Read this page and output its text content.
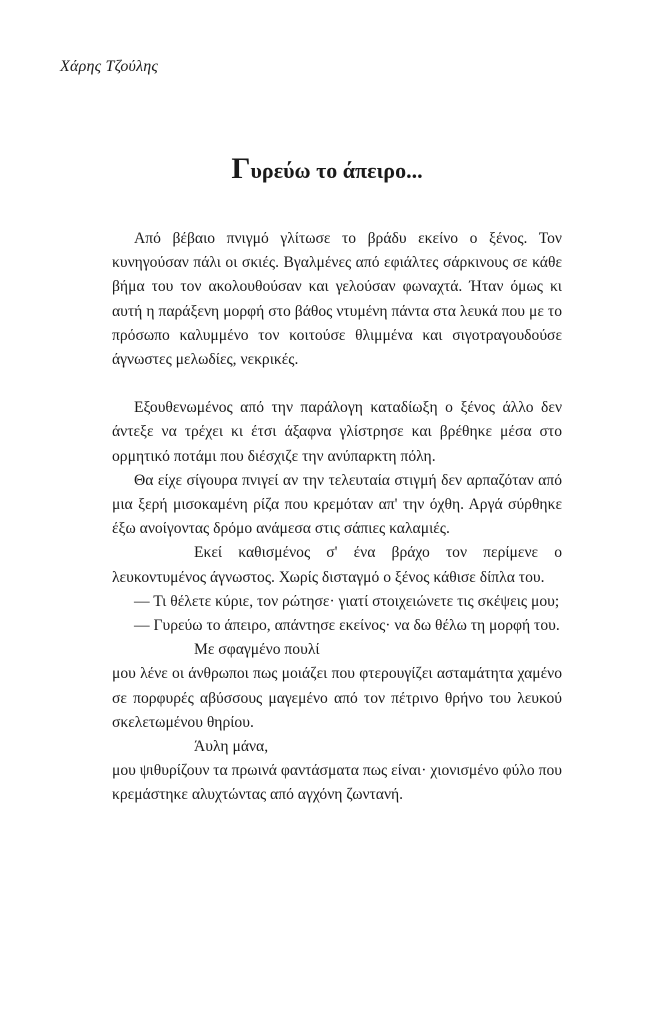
Χάρης Τζούλης
Γυρεύω το άπειρο...
Από βέβαιο πνιγμό γλίτωσε το βράδυ εκείνο ο ξένος. Τον κυνηγούσαν πάλι οι σκιές. Βγαλμένες από εφιάλτες σάρκινους σε κάθε βήμα του τον ακολουθούσαν και γελούσαν φωναχτά. Ήταν όμως κι αυτή η παράξενη μορφή στο βάθος ντυμένη πάντα στα λευκά που με το πρόσωπο καλυμμένο τον κοιτούσε θλιμμένα και σιγοτραγουδούσε άγνωστες μελωδίες, νεκρικές.
Εξουθενωμένος από την παράλογη καταδίωξη ο ξένος άλλο δεν άντεξε να τρέχει κι έτσι άξαφνα γλίστρησε και βρέθηκε μέσα στο ορμητικό ποτάμι που διέσχιζε την ανύπαρκτη πόλη.
Θα είχε σίγουρα πνιγεί αν την τελευταία στιγμή δεν αρπαζόταν από μια ξερή μισοκαμένη ρίζα που κρεμόταν απ' την όχθη. Αργά σύρθηκε έξω ανοίγοντας δρόμο ανάμεσα στις σάπιες καλαμιές.
Εκεί καθισμένος σ' ένα βράχο τον περίμενε ο λευκοντυμένος άγνωστος. Χωρίς δισταγμό ο ξένος κάθισε δίπλα του.
— Τι θέλετε κύριε, τον ρώτησε· γιατί στοιχειώνετε τις σκέψεις μου;
— Γυρεύω το άπειρο, απάντησε εκείνος· να δω θέλω τη μορφή του.
Με σφαγμένο πουλί
μου λένε οι άνθρωποι πως μοιάζει που φτερουγίζει ασταμάτητα χαμένο σε πορφυρές αβύσσους μαγεμένο από τον πέτρινο θρήνο του λευκού σκελετωμένου θηρίου.
Άυλη μάνα,
μου ψιθυρίζουν τα πρωινά φαντάσματα πως είναι· χιονισμένο φύλο που κρεμάστηκε αλυχτώντας από αγχόνη ζωντανή.
